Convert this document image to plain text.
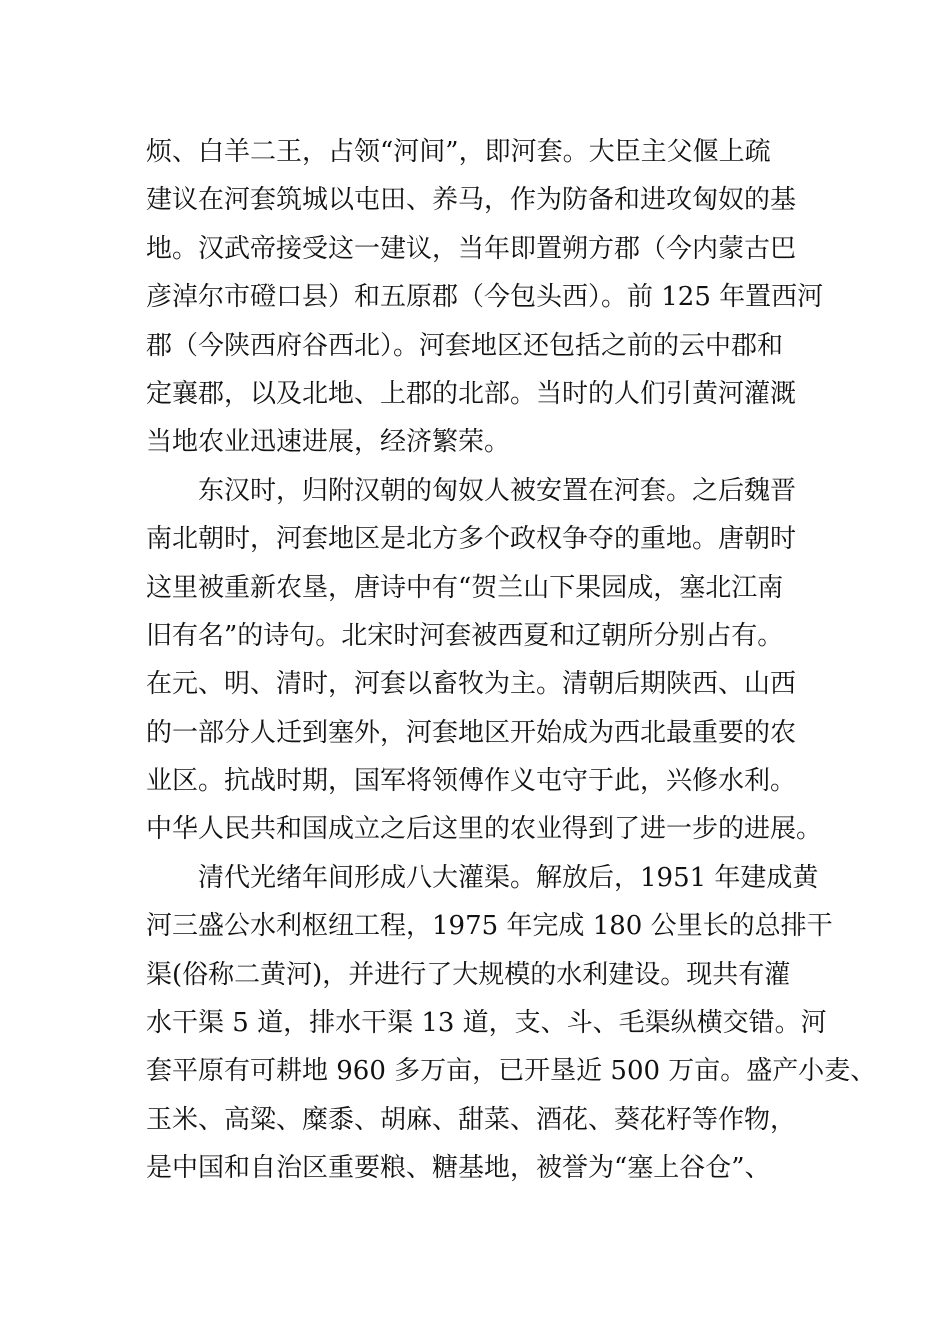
烦、白羊二王，占领“河间”，即河套。大臣主父偃上疏
建议在河套筑城以屯田、养马，作为防备和进攻匈奴的基
地。汉武帝接受这一建议，当年即置朔方郡（今内蒙古巴
彦淖尔市磴口县）和五原郡（今包头西）。前 125 年置西河
郡（今陕西府谷西北）。河套地区还包括之前的云中郡和
定襄郡，以及北地、上郡的北部。当时的人们引黄河灌溉
当地农业迅速进展，经济繁荣。
东汉时，归附汉朝的匈奴人被安置在河套。之后魏晋
南北朝时，河套地区是北方多个政权争夺的重地。唐朝时
这里被重新农垦，唐诗中有“贺兰山下果园成，塞北江南
旧有名”的诗句。北宋时河套被西夏和辽朝所分别占有。
在元、明、清时，河套以畜牧为主。清朝后期陕西、山西
的一部分人迁到塞外，河套地区开始成为西北最重要的农
业区。抗战时期，国军将领傅作义屯守于此，兴修水利。
中华人民共和国成立之后这里的农业得到了进一步的进展。
清代光绪年间形成八大灌渠。解放后，1951 年建成黄
河三盛公水利枢纽工程，1975 年完成 180 公里长的总排干
渠(俗称二黄河)，并进行了大规模的水利建设。现共有灌
水干渠 5 道，排水干渠 13 道，支、斗、毛渠纵横交错。河
套平原有可耕地 960 多万亩，已开垦近 500 万亩。盛产小麦、
玉米、高粱、糜黍、胡麻、甜菜、酒花、葵花籽等作物，
是中国和自治区重要粮、糖基地，被誉为“塞上谷仓”、
